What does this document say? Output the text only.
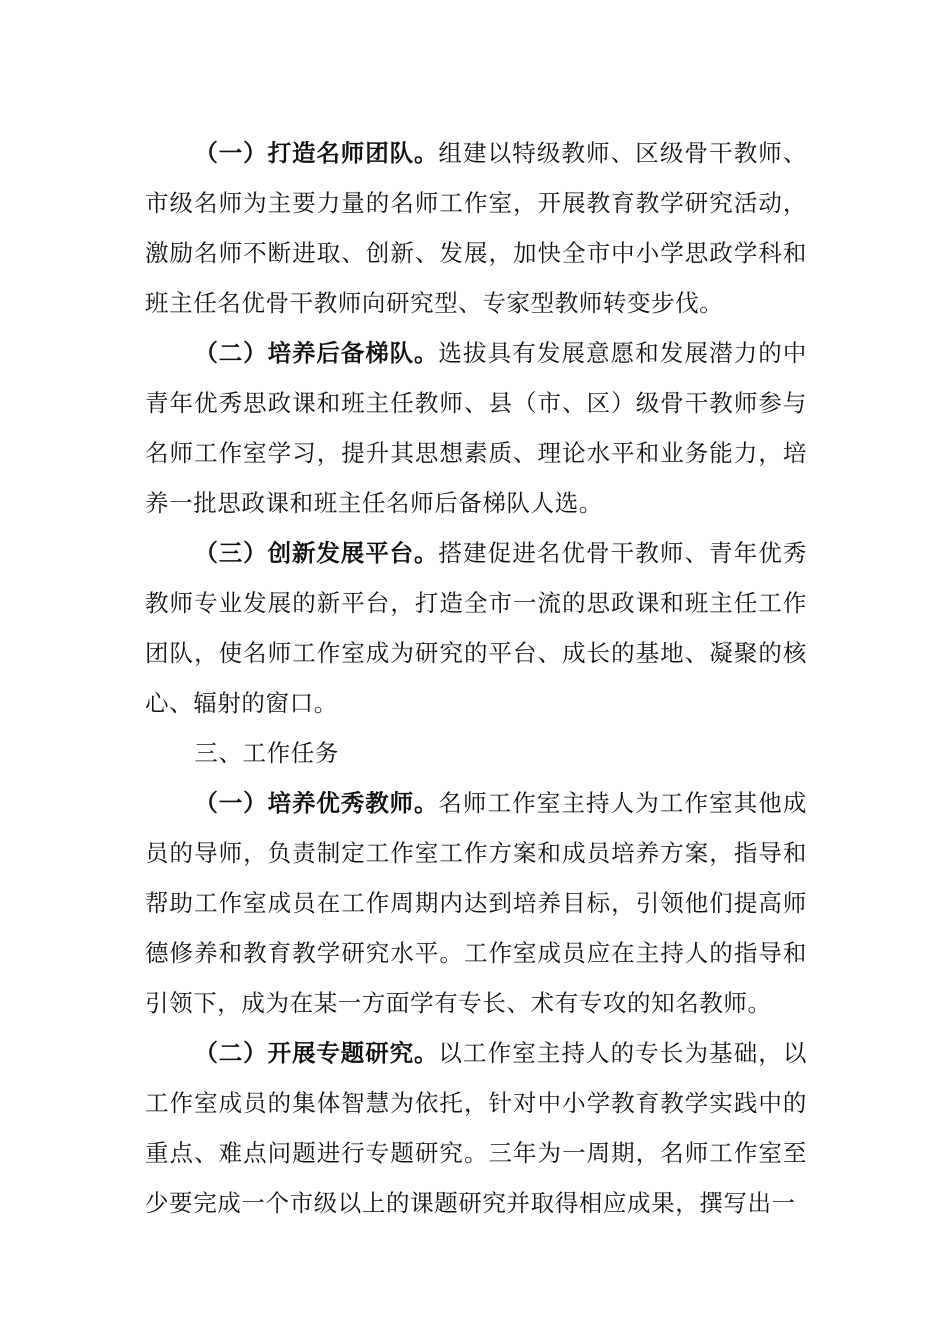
（一）打造名师团队。组建以特级教师、区级骨干教师、市级名师为主要力量的名师工作室，开展教育教学研究活动，激励名师不断进取、创新、发展，加快全市中小学思政学科和班主任名优骨干教师向研究型、专家型教师转变步伐。

（二）培养后备梯队。选拔具有发展意愿和发展潜力的中青年优秀思政课和班主任教师、县（市、区）级骨干教师参与名师工作室学习，提升其思想素质、理论水平和业务能力，培养一批思政课和班主任名师后备梯队人选。

（三）创新发展平台。搭建促进名优骨干教师、青年优秀教师专业发展的新平台，打造全市一流的思政课和班主任工作团队，使名师工作室成为研究的平台、成长的基地、凝聚的核心、辐射的窗口。

三、工作任务

（一）培养优秀教师。名师工作室主持人为工作室其他成员的导师，负责制定工作室工作方案和成员培养方案，指导和帮助工作室成员在工作周期内达到培养目标，引领他们提高师德修养和教育教学研究水平。工作室成员应在主持人的指导和引领下，成为在某一方面学有专长、术有专攻的知名教师。

（二）开展专题研究。以工作室主持人的专长为基础，以工作室成员的集体智慧为依托，针对中小学教育教学实践中的重点、难点问题进行专题研究。三年为一周期，名师工作室至少要完成一个市级以上的课题研究并取得相应成果，撰写出一
